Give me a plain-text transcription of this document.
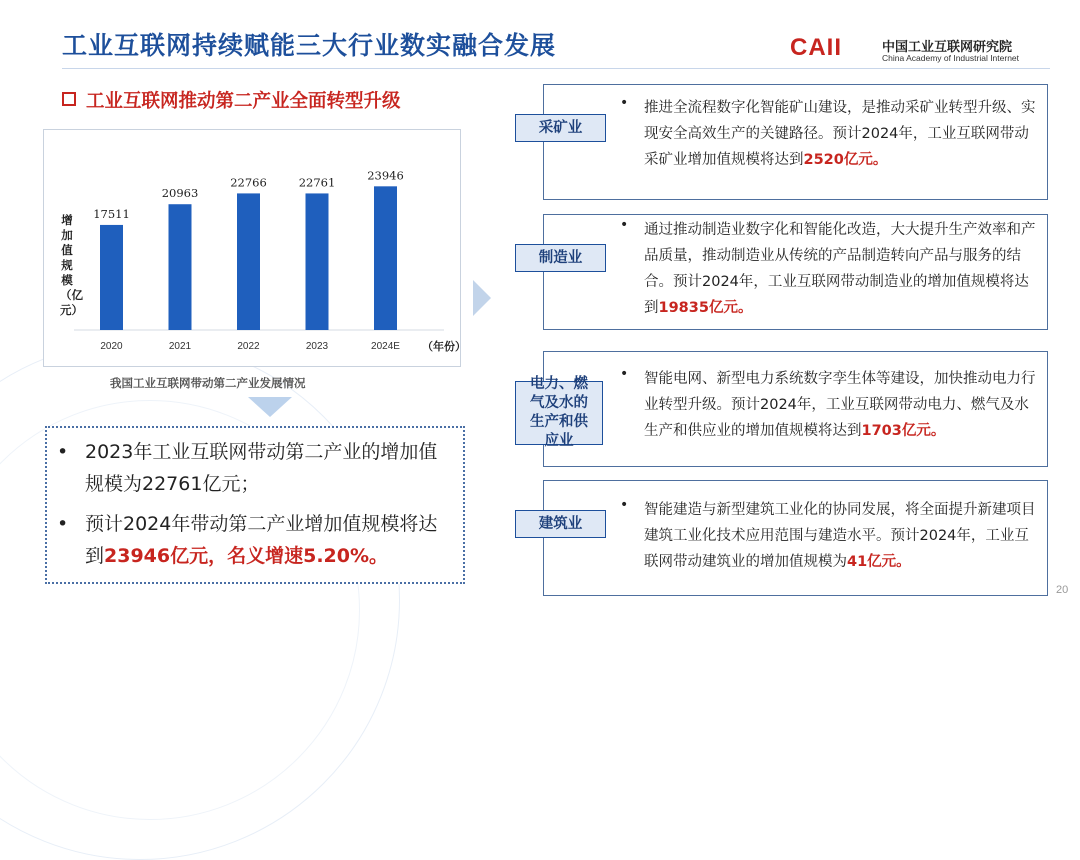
工业互联网持续赋能三大行业数实融合发展	CAII	中国工业互联网研究院
China Academy of Industrial Internet
工业互联网推动第二产业全面转型升级
17511
2020
20963
2021
22766
2022
22761
2023
23946
2024E
增加值规模（亿元）
（年份）
我国工业互联网带动第二产业发展情况
• 2023年工业互联网带动第二产业的增加值规模为22761亿元；
• 预计2024年带动第二产业增加值规模将达到23946亿元，名义增速5.20%。
• 推进全流程数字化智能矿山建设，是推动采矿业转型升级、实现安全高效生产的关键路径。预计2024年，工业互联网带动采矿业增加值规模将达到2520亿元。
采矿业
• 通过推动制造业数字化和智能化改造，大大提升生产效率和产品质量，推动制造业从传统的产品制造转向产品与服务的结合。预计2024年，工业互联网带动制造业的增加值规模将达到19835亿元。
制造业
• 智能电网、新型电力系统数字孪生体等建设，加快推动电力行业转型升级。预计2024年，工业互联网带动电力、燃气及水生产和供应业的增加值规模将达到1703亿元。
电力、燃气及水的生产和供应业
• 智能建造与新型建筑工业化的协同发展，将全面提升新建项目建筑工业化技术应用范围与建造水平。预计2024年，工业互联网带动建筑业的增加值规模为41亿元。
建筑业
20
